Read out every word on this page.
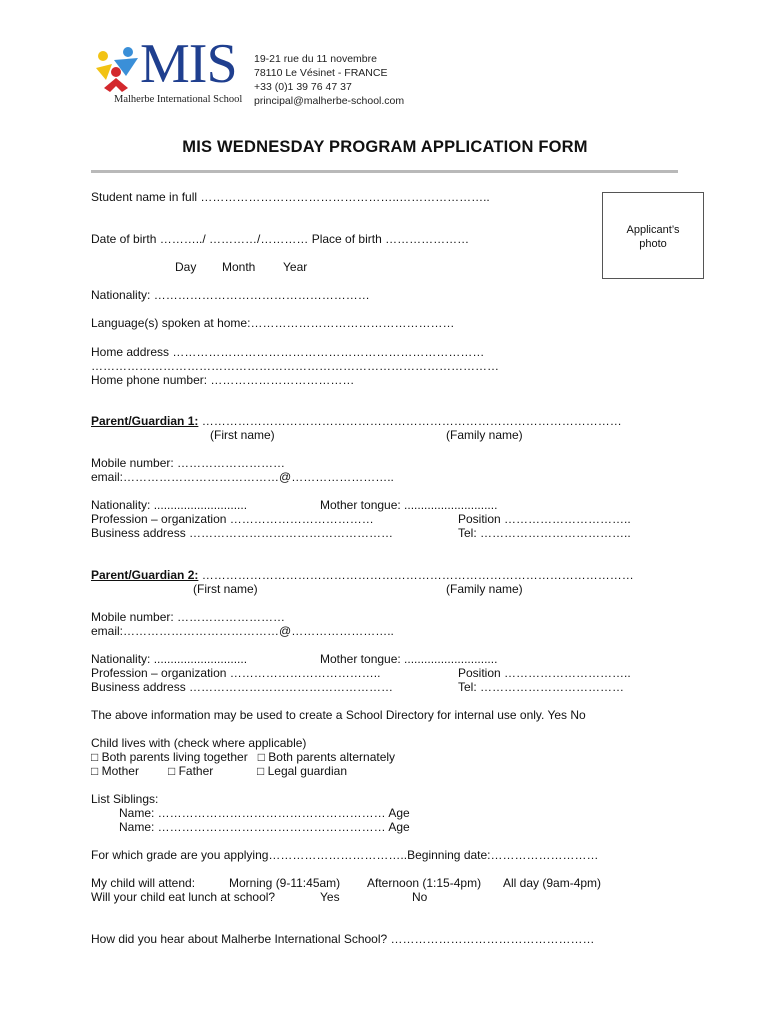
MIS
Malherbe International School
19-21 rue du 11 novembre
78110 Le Vésinet - FRANCE
+33 (0)1 39 76 47 37
principal@malherbe-school.com
MIS WEDNESDAY PROGRAM APPLICATION FORM
Applicant’s
photo
Student name in full …………………………………………..…………………..
Date of birth ………../ …………/………… Place of birth …………………
Day Month Year
Nationality: ………………………………………………
Language(s) spoken at home:……………………………………………
Home address ……………………………………………………………………
…………………………………………………………………………………………
Home phone number: ………………………………
Parent/Guardian 1: ……………………………………………………………………………………………
(First name)	(Family name)
Mobile number: ………………………
email:…………………………………@……………………..
Nationality: ............................	Mother tongue: ............................
Profession – organization ………………………………	Position …………………………..
Business address ……………………………………………	Tel: ………………………………..
Parent/Guardian 2: ………………………………………………………………………………………………
(First name)	(Family name)
Mobile number: ………………………
email:…………………………………@……………………..
Nationality: ............................	Mother tongue: ............................
Profession – organization ………………………………..	Position …………………………..
Business address ……………………………………………	Tel: ………………………………
The above information may be used to create a School Directory for internal use only. Yes No
Child lives with (check where applicable)
□ Both parents living together □ Both parents alternately
□ Mother □ Father	□ Legal guardian
List Siblings:
Name: ………………………………………………… Age
Name: ………………………………………………… Age
For which grade are you applying……………………………..Beginning date:………………………
My child will attend:	Morning (9-11:45am) Afternoon (1:15-4pm) All day (9am-4pm)
Will your child eat lunch at school?	Yes	No
How did you hear about Malherbe International School? ……………………………………………
